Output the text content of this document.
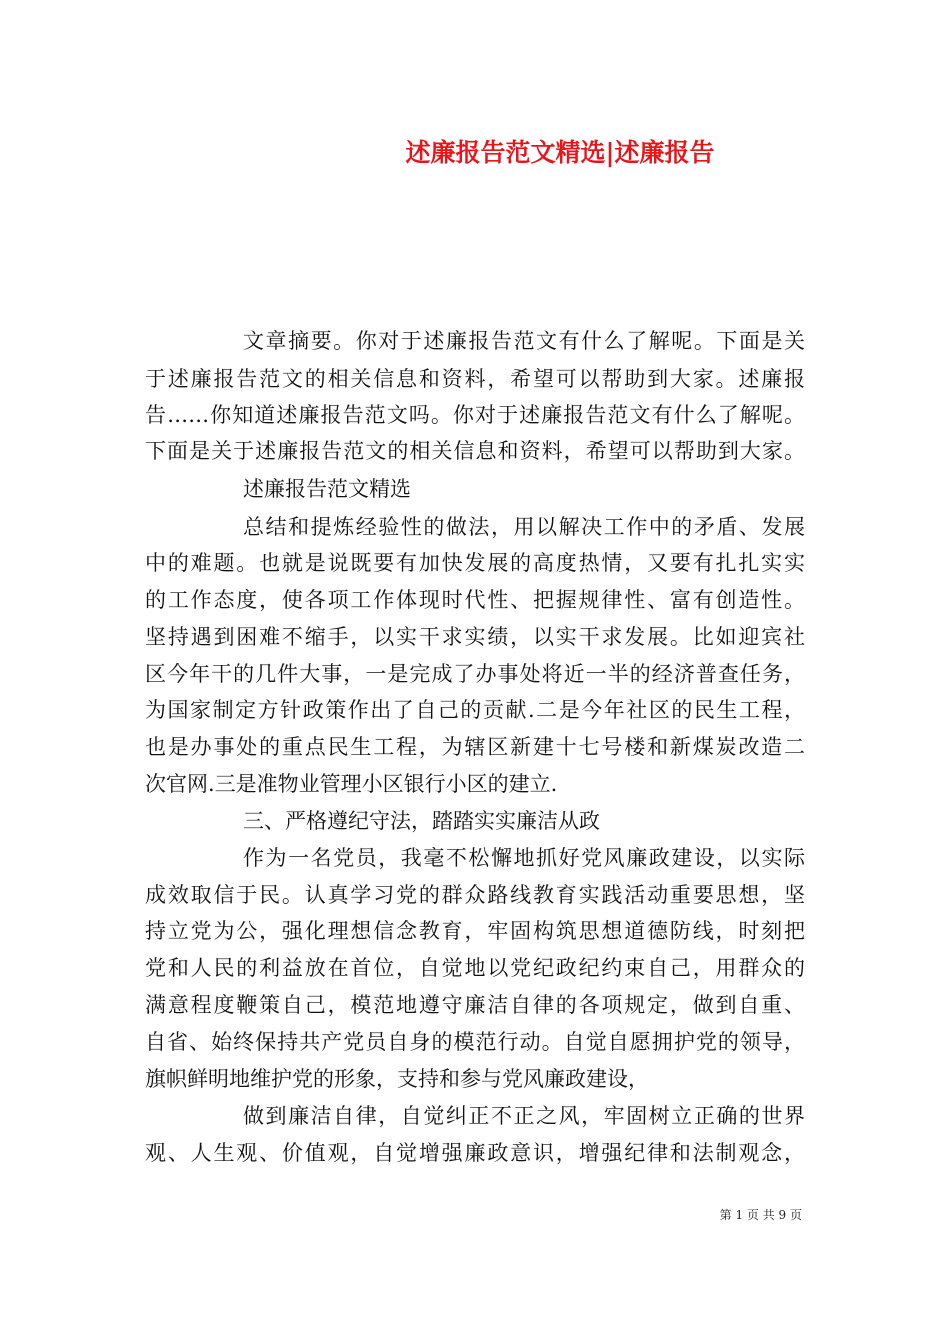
述廉报告范文精选|述廉报告

文章摘要。你对于述廉报告范文有什么了解呢。下面是关

于述廉报告范文的相关信息和资料，希望可以帮助到大家。述廉报

告……你知道述廉报告范文吗。你对于述廉报告范文有什么了解呢。

下面是关于述廉报告范文的相关信息和资料，希望可以帮助到大家。

述廉报告范文精选

总结和提炼经验性的做法，用以解决工作中的矛盾、发展

中的难题。也就是说既要有加快发展的高度热情，又要有扎扎实实

的工作态度，使各项工作体现时代性、把握规律性、富有创造性。

坚持遇到困难不缩手，以实干求实绩，以实干求发展。比如迎宾社

区今年干的几件大事，一是完成了办事处将近一半的经济普查任务，

为国家制定方针政策作出了自己的贡献.二是今年社区的民生工程，

也是办事处的重点民生工程，为辖区新建十七号楼和新煤炭改造二

次官网.三是准物业管理小区银行小区的建立.

三、严格遵纪守法，踏踏实实廉洁从政

作为一名党员，我毫不松懈地抓好党风廉政建设，以实际

成效取信于民。认真学习党的群众路线教育实践活动重要思想，坚

持立党为公，强化理想信念教育，牢固构筑思想道德防线，时刻把

党和人民的利益放在首位，自觉地以党纪政纪约束自己，用群众的

满意程度鞭策自己，模范地遵守廉洁自律的各项规定，做到自重、

自省、始终保持共产党员自身的模范行动。自觉自愿拥护党的领导，

旗帜鲜明地维护党的形象，支持和参与党风廉政建设，

做到廉洁自律，自觉纠正不正之风，牢固树立正确的世界

观、人生观、价值观，自觉增强廉政意识，增强纪律和法制观念，

第 1 页 共 9 页
